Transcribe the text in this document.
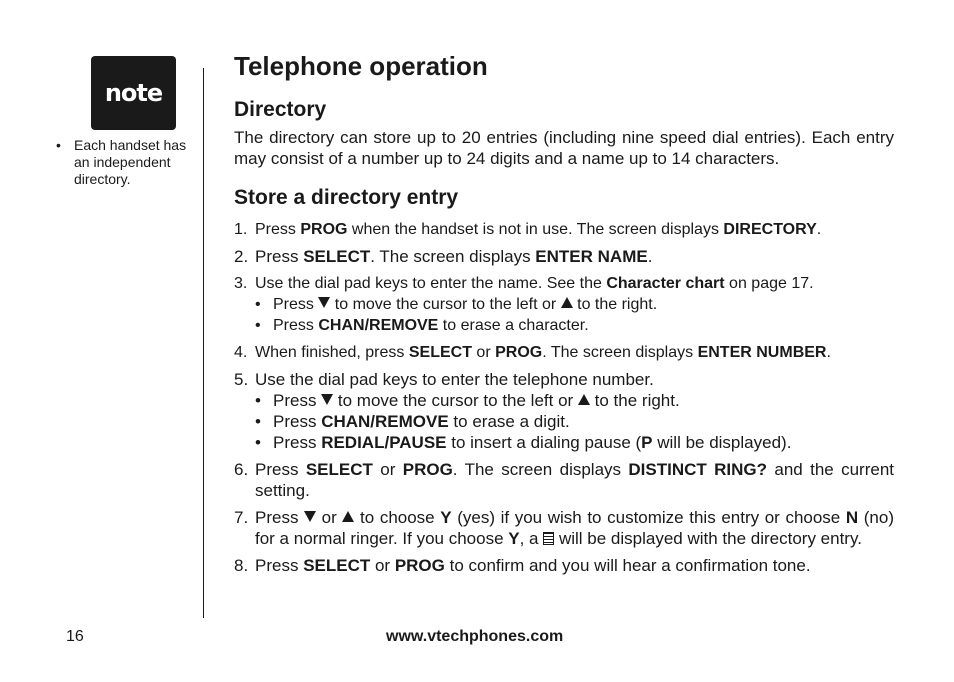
note
• Each handset has an independent directory.
Telephone operation
Directory

The directory can store up to 20 entries (including nine speed dial entries). Each entry may consist of a number up to 24 digits and a name up to 14 characters.

Store a directory entry
1. Press PROG when the handset is not in use. The screen displays DIRECTORY.
2. Press SELECT. The screen displays ENTER NAME.
3. Use the dial pad keys to enter the name. See the Character chart on page 17.
• Press  to move the cursor to the left or  to the right.
• Press CHAN/REMOVE to erase a character.
4. When finished, press SELECT or PROG. The screen displays ENTER NUMBER.
5. Use the dial pad keys to enter the telephone number.
• Press  to move the cursor to the left or  to the right.
• Press CHAN/REMOVE to erase a digit.
• Press REDIAL/PAUSE to insert a dialing pause (P will be displayed).
6. Press SELECT or PROG. The screen displays DISTINCT RING? and the current setting.
7. Press  or  to choose Y (yes) if you wish to customize this entry or choose N (no) for a normal ringer. If you choose Y, a  will be displayed with the directory entry.
8. Press SELECT or PROG to confirm and you will hear a confirmation tone.
16	www.vtechphones.com
